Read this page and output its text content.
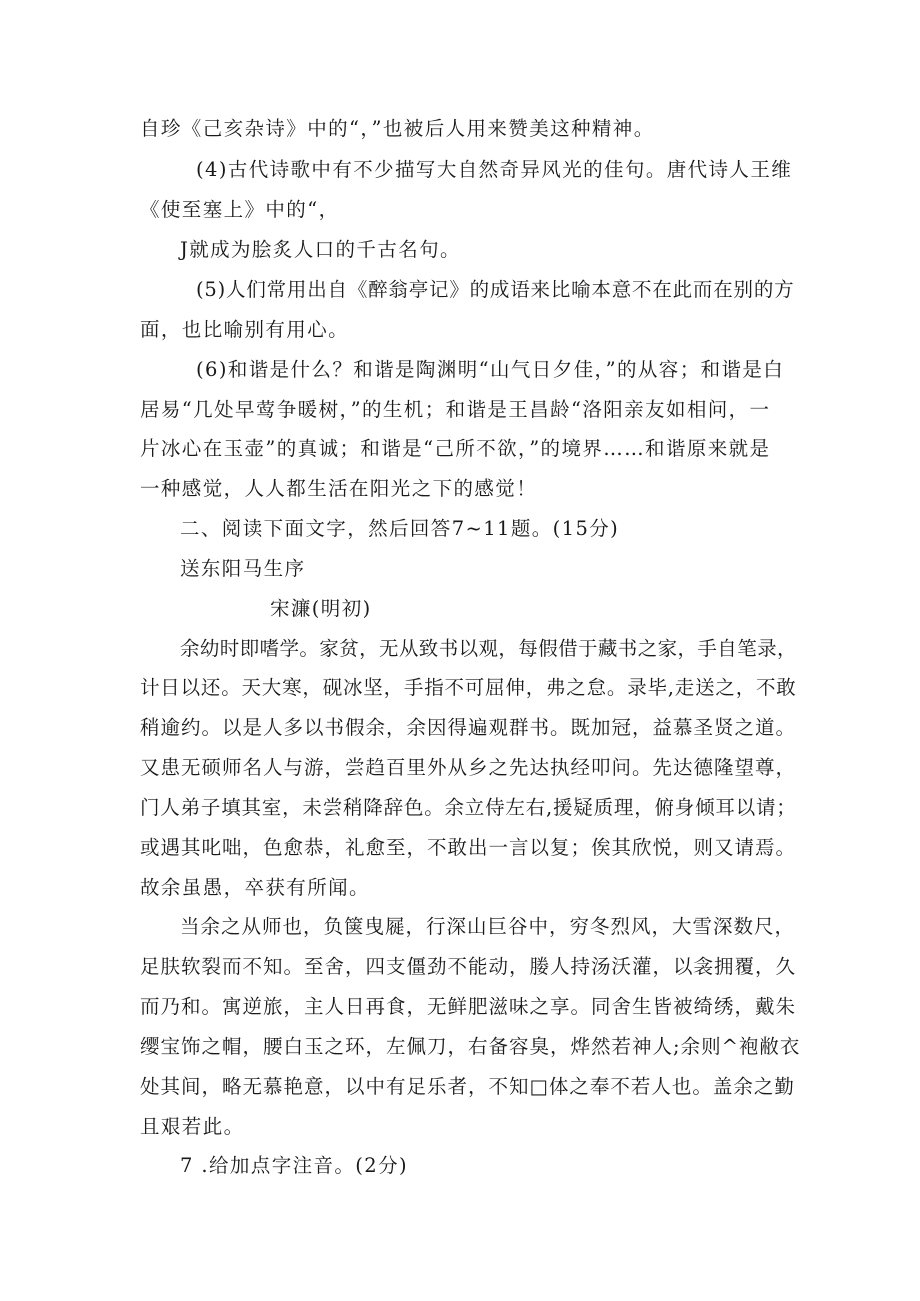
自珍《己亥杂诗》中的“，”也被后人用来赞美这种精神。
(4)古代诗歌中有不少描写大自然奇异风光的佳句。唐代诗人王维
《使至塞上》中的“，
J就成为脍炙人口的千古名句。
(5)人们常用出自《醉翁亭记》的成语来比喻本意不在此而在别的方
面，也比喻别有用心。
(6)和谐是什么？和谐是陶渊明“山气日夕佳，”的从容；和谐是白
居易“几处早莺争暖树，”的生机；和谐是王昌龄“洛阳亲友如相问，一
片冰心在玉壶”的真诚；和谐是“己所不欲，”的境界……和谐原来就是
一种感觉，人人都生活在阳光之下的感觉！
二、阅读下面文字，然后回答7~11题。(15分)
送东阳马生序
宋濂(明初)
余幼时即嗜学。家贫，无从致书以观，每假借于藏书之家，手自笔录，
计日以还。天大寒，砚冰坚，手指不可屈伸，弗之怠。录毕,走送之，不敢
稍逾约。以是人多以书假余，余因得遍观群书。既加冠，益慕圣贤之道。
又患无硕师名人与游，尝趋百里外从乡之先达执经叩问。先达德隆望尊，
门人弟子填其室，未尝稍降辞色。余立侍左右,援疑质理，俯身倾耳以请；
或遇其叱咄，色愈恭，礼愈至，不敢出一言以复；俟其欣悦，则又请焉。
故余虽愚，卒获有所闻。
当余之从师也，负箧曳屣，行深山巨谷中，穷冬烈风，大雪深数尺，
足肤软裂而不知。至舍，四支僵劲不能动，媵人持汤沃灌，以衾拥覆，久
而乃和。寓逆旅，主人日再食，无鲜肥滋味之享。同舍生皆被绮绣，戴朱
缨宝饰之帽，腰白玉之环，左佩刀，右备容臭，烨然若神人;余则^袍敝衣
处其间，略无慕艳意，以中有足乐者，不知□体之奉不若人也。盖余之勤
且艰若此。
7 .给加点字注音。(2分)
